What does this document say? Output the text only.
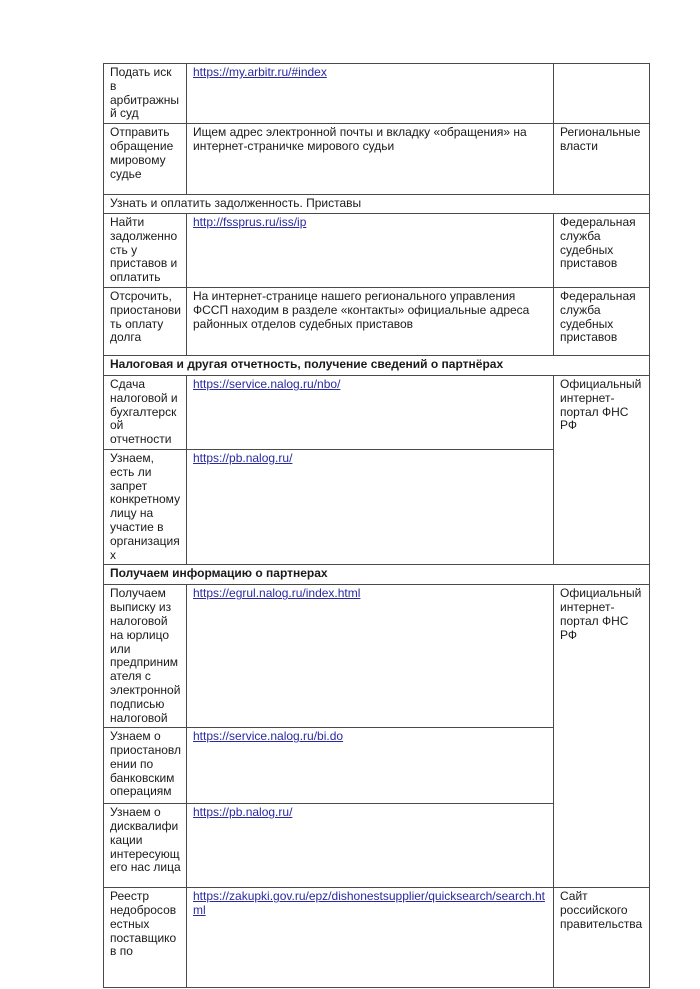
Подать иск в арбитражный суд	https://my.arbitr.ru/#index	
Отправить обращение мировому судье	Ищем адрес электронной почты и вкладку «обращения» на интернет-страничке мирового судьи	Региональные власти
Узнать и оплатить задолженность. Приставы		
Найти задолженность у приставов и оплатить	http://fssprus.ru/iss/ip	Федеральная служба судебных приставов
Отсрочить, приостановить оплату долга	На интернет-странице нашего регионального управления ФССП находим в разделе «контакты» официальные адреса районных отделов судебных приставов	Федеральная служба судебных приставов
Налоговая и другая отчетность, получение сведений о партнёрах		
Сдача налоговой и бухгалтерской отчетности	https://service.nalog.ru/nbo/	Официальный интернет-портал ФНС РФ
Узнаем, есть ли запрет конкретному лицу на участие в организациях	https://pb.nalog.ru/	
Получаем информацию о партнерах		
Получаем выписку из налоговой на юрлицо или предпринимателя с электронной подписью налоговой	https://egrul.nalog.ru/index.html	Официальный интернет-портал ФНС РФ
Узнаем о приостановлении по банковским операциям	https://service.nalog.ru/bi.do	
Узнаем о дисквалификации интересующего нас лица	https://pb.nalog.ru/	
Реестр недобросовестных поставщиков по	https://zakupki.gov.ru/epz/dishonestsupplier/quicksearch/search.html	Сайт российского правительства
